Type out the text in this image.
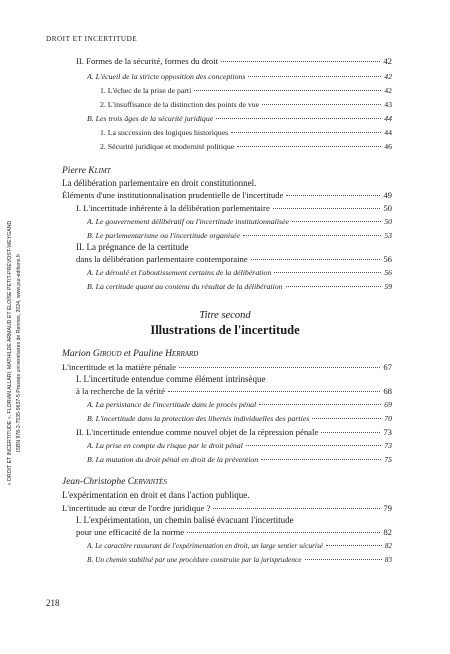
DROIT ET INCERTITUDE
« DROIT ET INCERTITUDE », FLORIAN ALLARI, MATHILDE ARMAUD ET ÉLOÏSE PETIT-PRÉVOST-WEYGAND ISBN 978-2-7535-9637-5 Presses universitaires de Rennes, 2024, www.pur-editions.fr
II. Formes de la sécurité, formes du droit	42
A. L'écueil de la stricte opposition des conceptions	42
1. L'échec de la prise de parti	42
2. L'insuffisance de la distinction des points de vue	43
B. Les trois âges de la sécurité juridique	44
1. La succession des logiques historiques	44
2. Sécurité juridique et modernité politique	46
Pierre Klimt
La délibération parlementaire en droit constitutionnel.
Éléments d'une institutionnalisation prudentielle de l'incertitude	49
I. L'incertitude inhérente à la délibération parlementaire	50
A. Le gouvernement délibératif ou l'incertitude institutionnalisée	50
B. Le parlementarisme ou l'incertitude organisée	53
II. La prégnance de la certitude
dans la délibération parlementaire contemporaine	56
A. Le déroulé et l'aboutissement certains de la délibération	56
B. La certitude quant au contenu du résultat de la délibération	59
Titre second
Illustrations de l'incertitude
Marion Giroud et Pauline Herrard
L'incertitude et la matière pénale	67
I. L'incertitude entendue comme élément intrinsèque
à la recherche de la vérité	68
A. La persistance de l'incertitude dans le procès pénal	69
B. L'incertitude dans la protection des libertés individuelles des parties	70
II. L'incertitude entendue comme nouvel objet de la répression pénale	73
A. La prise en compte du risque par le droit pénal	73
B. La mutation du droit pénal en droit de la prévention	75
Jean-Christophe Cervantès
L'expérimentation en droit et dans l'action publique.
L'incertitude au cœur de l'ordre juridique ?	79
I. L'expérimentation, un chemin balisé évacuant l'incertitude
pour une efficacité de la norme	82
A. Le caractère rassurant de l'expérimentation en droit, un large sentier sécurisé	82
B. Un chemin stabilisé par une procédure construite par la jurisprudence	83
218
